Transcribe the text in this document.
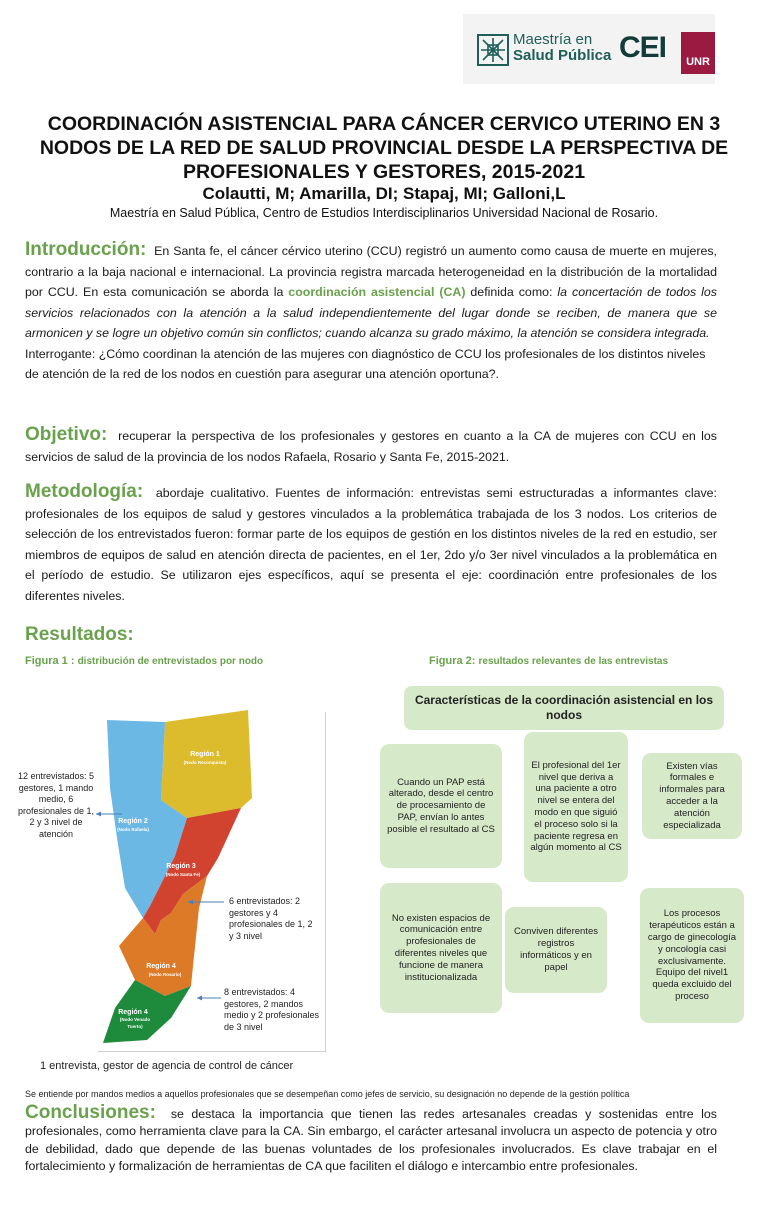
Maestría en
Salud Pública CEI	UNR
COORDINACIÓN ASISTENCIAL PARA CÁNCER CERVICO UTERINO EN 3 NODOS DE LA RED DE SALUD PROVINCIAL DESDE LA PERSPECTIVA DE PROFESIONALES Y GESTORES, 2015-2021
Colautti, M; Amarilla, DI; Stapaj, MI; Galloni,L
Maestría en Salud Pública, Centro de Estudios Interdisciplinarios Universidad Nacional de Rosario.
Introducción: En Santa fe, el cáncer cérvico uterino (CCU) registró un aumento como causa de muerte en mujeres, contrario a la baja nacional e internacional. La provincia registra marcada heterogeneidad en la distribución de la mortalidad por CCU. En esta comunicación se aborda la coordinación asistencial (CA) definida como: la concertación de todos los servicios relacionados con la atención a la salud independientemente del lugar donde se reciben, de manera que se armonicen y se logre un objetivo común sin conflictos; cuando alcanza su grado máximo, la atención se considera integrada.
Interrogante: ¿Cómo coordinan la atención de las mujeres con diagnóstico de CCU los profesionales de los distintos niveles de atención de la red de los nodos en cuestión para asegurar una atención oportuna?.
Objetivo: recuperar la perspectiva de los profesionales y gestores en cuanto a la CA de mujeres con CCU en los servicios de salud de la provincia de los nodos Rafaela, Rosario y Santa Fe, 2015-2021.
Metodología: abordaje cualitativo. Fuentes de información: entrevistas semi estructuradas a informantes clave: profesionales de los equipos de salud y gestores vinculados a la problemática trabajada de los 3 nodos. Los criterios de selección de los entrevistados fueron: formar parte de los equipos de gestión en los distintos niveles de la red en estudio, ser miembros de equipos de salud en atención directa de pacientes, en el 1er, 2do y/o 3er nivel vinculados a la problemática en el período de estudio. Se utilizaron ejes específicos, aquí se presenta el eje: coordinación entre profesionales de los diferentes niveles.
Resultados:
Figura 1 : distribución de entrevistados por nodo	Figura 2: resultados relevantes de las entrevistas
Región 1
(Nodo Reconquista)
Región 2
(Nodo Rafaela)
Región 3
(Nodo Santa Fe)
Región 4
(Nodo Rosario)
Región 4
(Nodo Venado
Tuerto)
12 entrevistados: 5 gestores, 1 mando medio, 6 profesionales de 1, 2 y 3 nivel de atención
6 entrevistados: 2 gestores y 4 profesionales de 1, 2 y 3 nivel
8 entrevistados: 4 gestores, 2 mandos medio y 2 profesionales de 3 nivel
1 entrevista, gestor de agencia de control de cáncer
Características de la coordinación asistencial en los nodos
Cuando un PAP está alterado, desde el centro de procesamiento de PAP, envían lo antes posible el resultado al CS
El profesional del 1er nivel que deriva a una paciente a otro nivel se entera del modo en que siguió el proceso solo si la paciente regresa en algún momento al CS
Existen vías formales e informales para acceder a la atención especializada
No existen espacios de comunicación entre profesionales de diferentes niveles que funcione de manera institucionalizada
Conviven diferentes registros informáticos y en papel
Los procesos terapéuticos están a cargo de ginecología y oncología casi exclusivamente. Equipo del nivel1 queda excluido del proceso
Se entiende por mandos medios a aquellos profesionales que se desempeñan como jefes de servicio, su designación no depende de la gestión política
Conclusiones: se destaca la importancia que tienen las redes artesanales creadas y sostenidas entre los profesionales, como herramienta clave para la CA. Sin embargo, el carácter artesanal involucra un aspecto de potencia y otro de debilidad, dado que depende de las buenas voluntades de los profesionales involucrados. Es clave trabajar en el fortalecimiento y formalización de herramientas de CA que faciliten el diálogo e intercambio entre profesionales.
